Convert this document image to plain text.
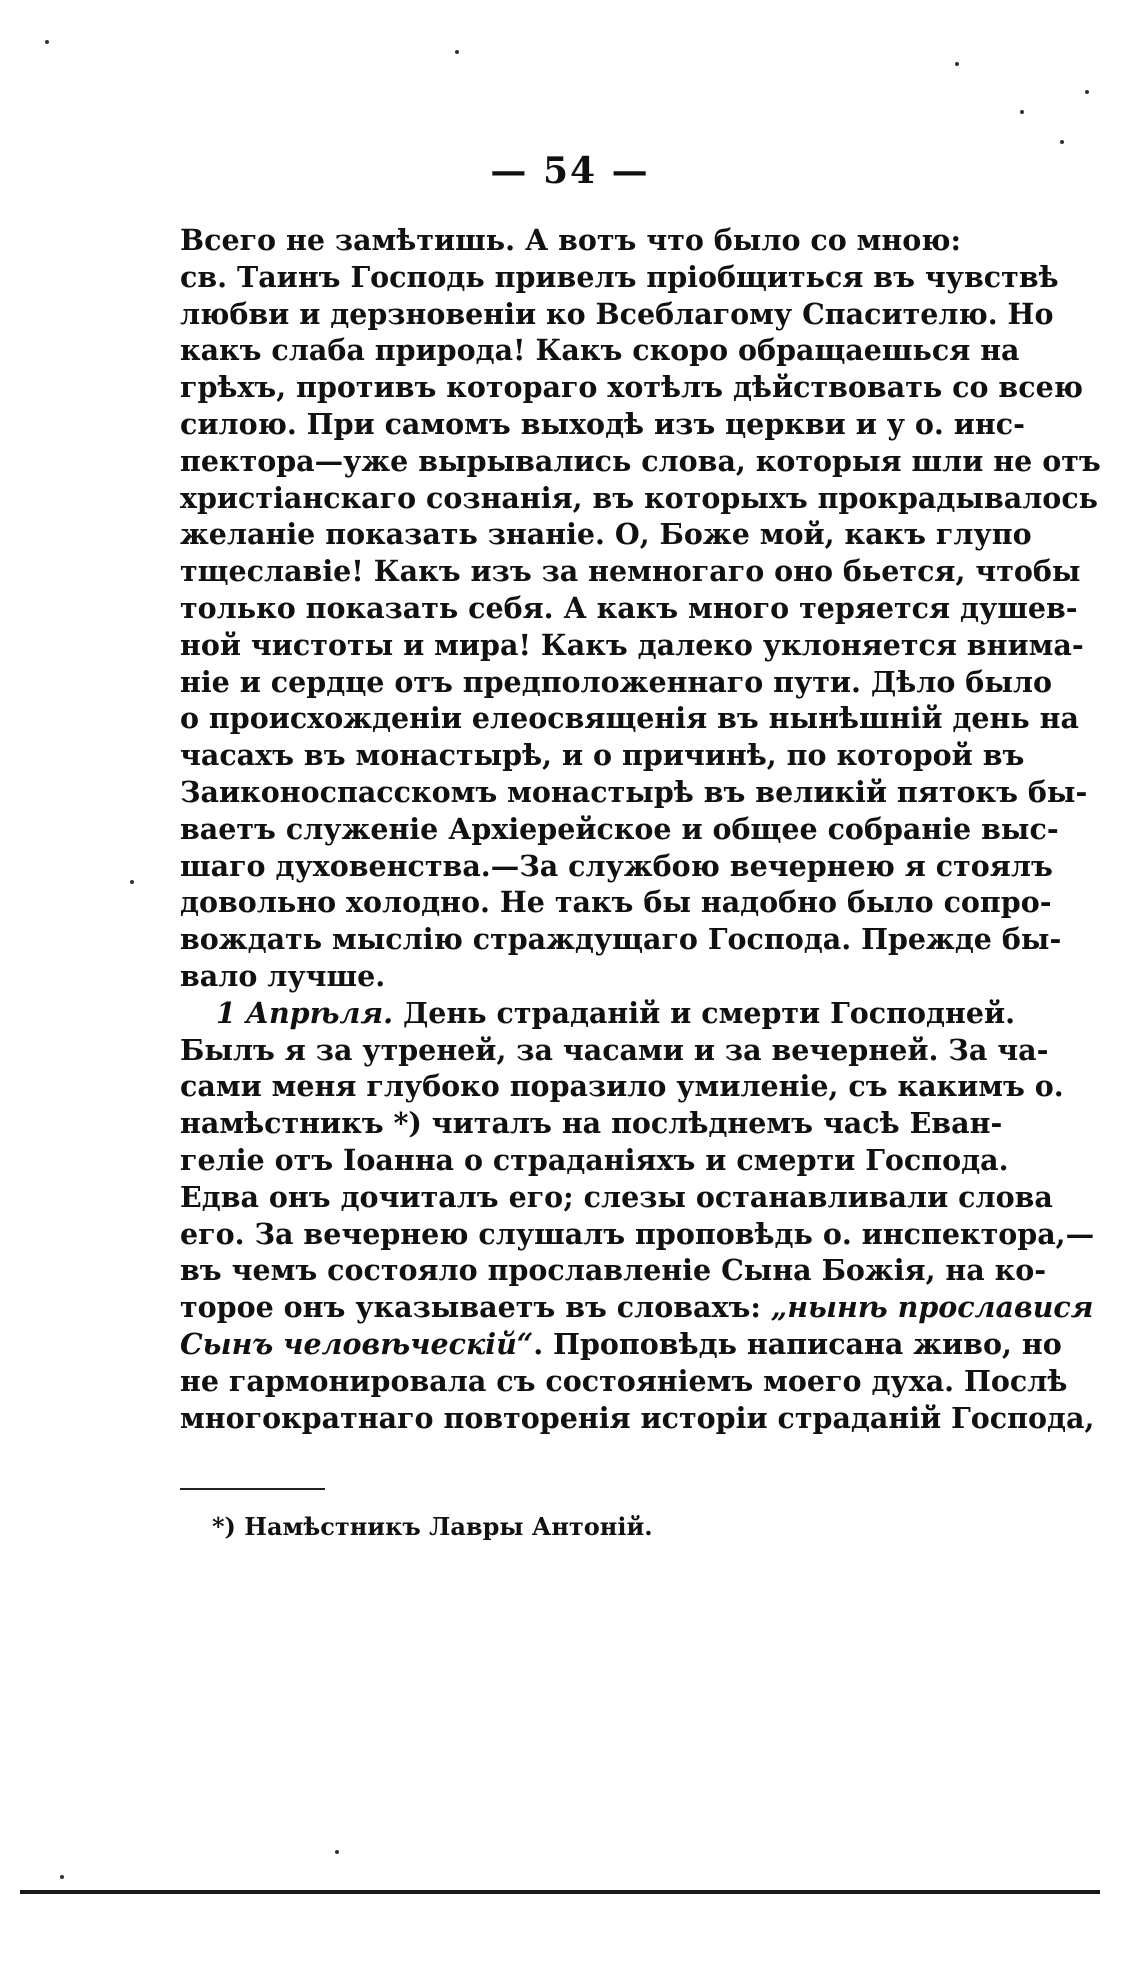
— 54 —
Всего не замѣтишь. А вотъ что было со мною:
св. Таинъ Господь привелъ пріобщиться въ чувствѣ
любви и дерзновеніи ко Всеблагому Спасителю. Но
какъ слаба природа! Какъ скоро обращаешься на
грѣхъ, противъ котораго хотѣлъ дѣйствовать со всею
силою. При самомъ выходѣ изъ церкви и у о. инс-
пектора—уже вырывались слова, которыя шли не отъ
христіанскаго сознанія, въ которыхъ прокрадывалось
желаніе показать знаніе. О, Боже мой, какъ глупо
тщеславіе! Какъ изъ за немногаго оно бьется, чтобы
только показать себя. А какъ много теряется душев-
ной чистоты и мира! Какъ далеко уклоняется внима-
ніе и сердце отъ предположеннаго пути. Дѣло было
о происхожденіи елеосвященія въ нынѣшній день на
часахъ въ монастырѣ, и о причинѣ, по которой въ
Заиконоспасскомъ монастырѣ въ великій пятокъ бы-
ваетъ служеніе Архіерейское и общее собраніе выс-
шаго духовенства.—За службою вечернею я стоялъ
довольно холодно. Не такъ бы надобно было сопро-
вождать мыслію страждущаго Господа. Прежде бы-
вало лучше.
1 Апрѣля. День страданій и смерти Господней.
Былъ я за утреней, за часами и за вечерней. За ча-
сами меня глубоко поразило умиленіе, съ какимъ о.
намѣстникъ *) читалъ на послѣднемъ часѣ Еван-
геліе отъ Іоанна о страданіяхъ и смерти Господа.
Едва онъ дочиталъ его; слезы останавливали слова
его. За вечернею слушалъ проповѣдь о. инспектора,—
въ чемъ состояло прославленіе Сына Божія, на ко-
торое онъ указываетъ въ словахъ: „нынѣ прославися
Сынъ человѣческій“. Проповѣдь написана живо, но
не гармонировала съ состояніемъ моего духа. Послѣ
многократнаго повторенія исторіи страданій Господа,
*) Намѣстникъ Лавры Антоній.
